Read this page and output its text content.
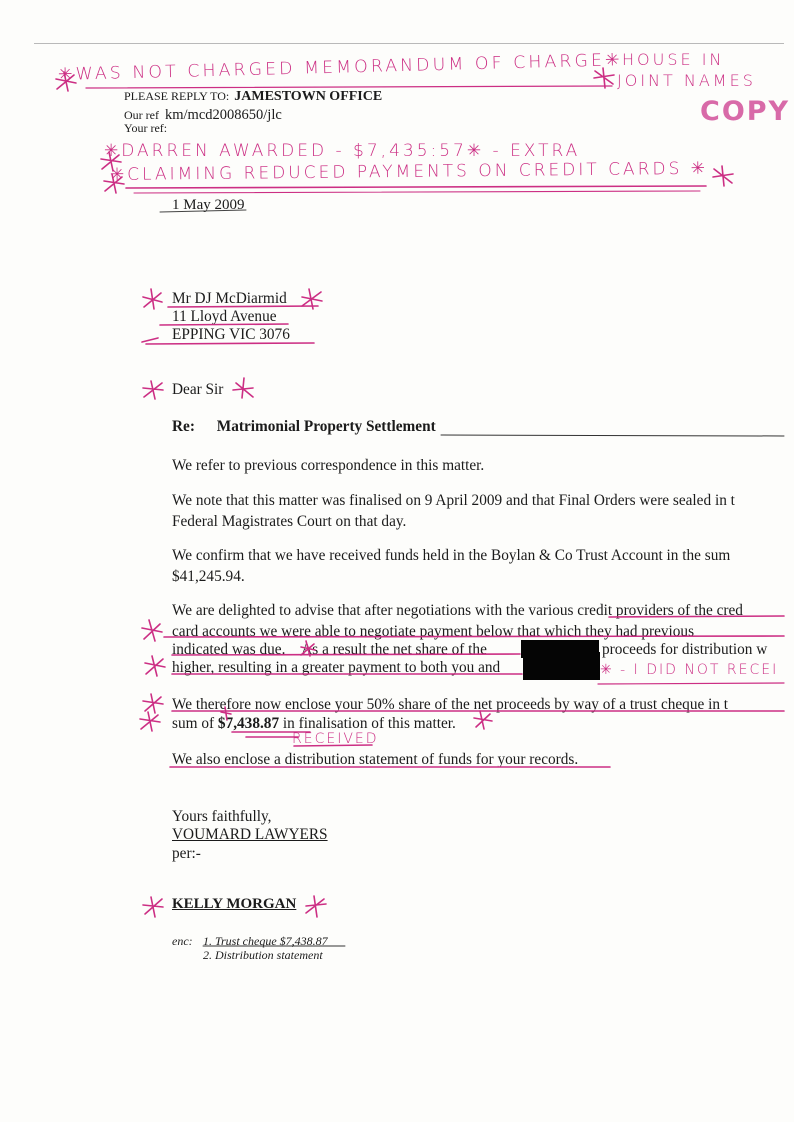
✳WAS NOT CHARGED MEMORANDUM OF CHARGE✳ HOUSE IN
JOINT NAMES
COPY
PLEASE REPLY TO: JAMESTOWN OFFICE
Our ref km/mcd2008650/jlc
Your ref:
✳DARREN AWARDED - $7,435:57✳ - EXTRA
✳CLAIMING REDUCED PAYMENTS ON CREDIT CARDS ✳
1 May 2009
Mr DJ McDiarmid
11 Lloyd Avenue
EPPING VIC 3076
Dear Sir
Re: Matrimonial Property Settlement
We refer to previous correspondence in this matter.
We note that this matter was finalised on 9 April 2009 and that Final Orders were sealed in t
Federal Magistrates Court on that day.
We confirm that we have received funds held in the Boylan & Co Trust Account in the sum
$41,245.94.
We are delighted to advise that after negotiations with the various credit providers of the cred
card accounts we were able to negotiate payment below that which they had previous
indicated was due. As a result the net share of the	proceeds for distribution w
higher, resulting in a greater payment to both you and	✳ - I DID NOT RECEI
We therefore now enclose your 50% share of the net proceeds by way of a trust cheque in t
sum of $7,438.87 in finalisation of this matter.
RECEIVED
We also enclose a distribution statement of funds for your records.
Yours faithfully,
VOUMARD LAWYERS
per:-
KELLY MORGAN
enc: 1. Trust cheque $7,438.87
2. Distribution statement
